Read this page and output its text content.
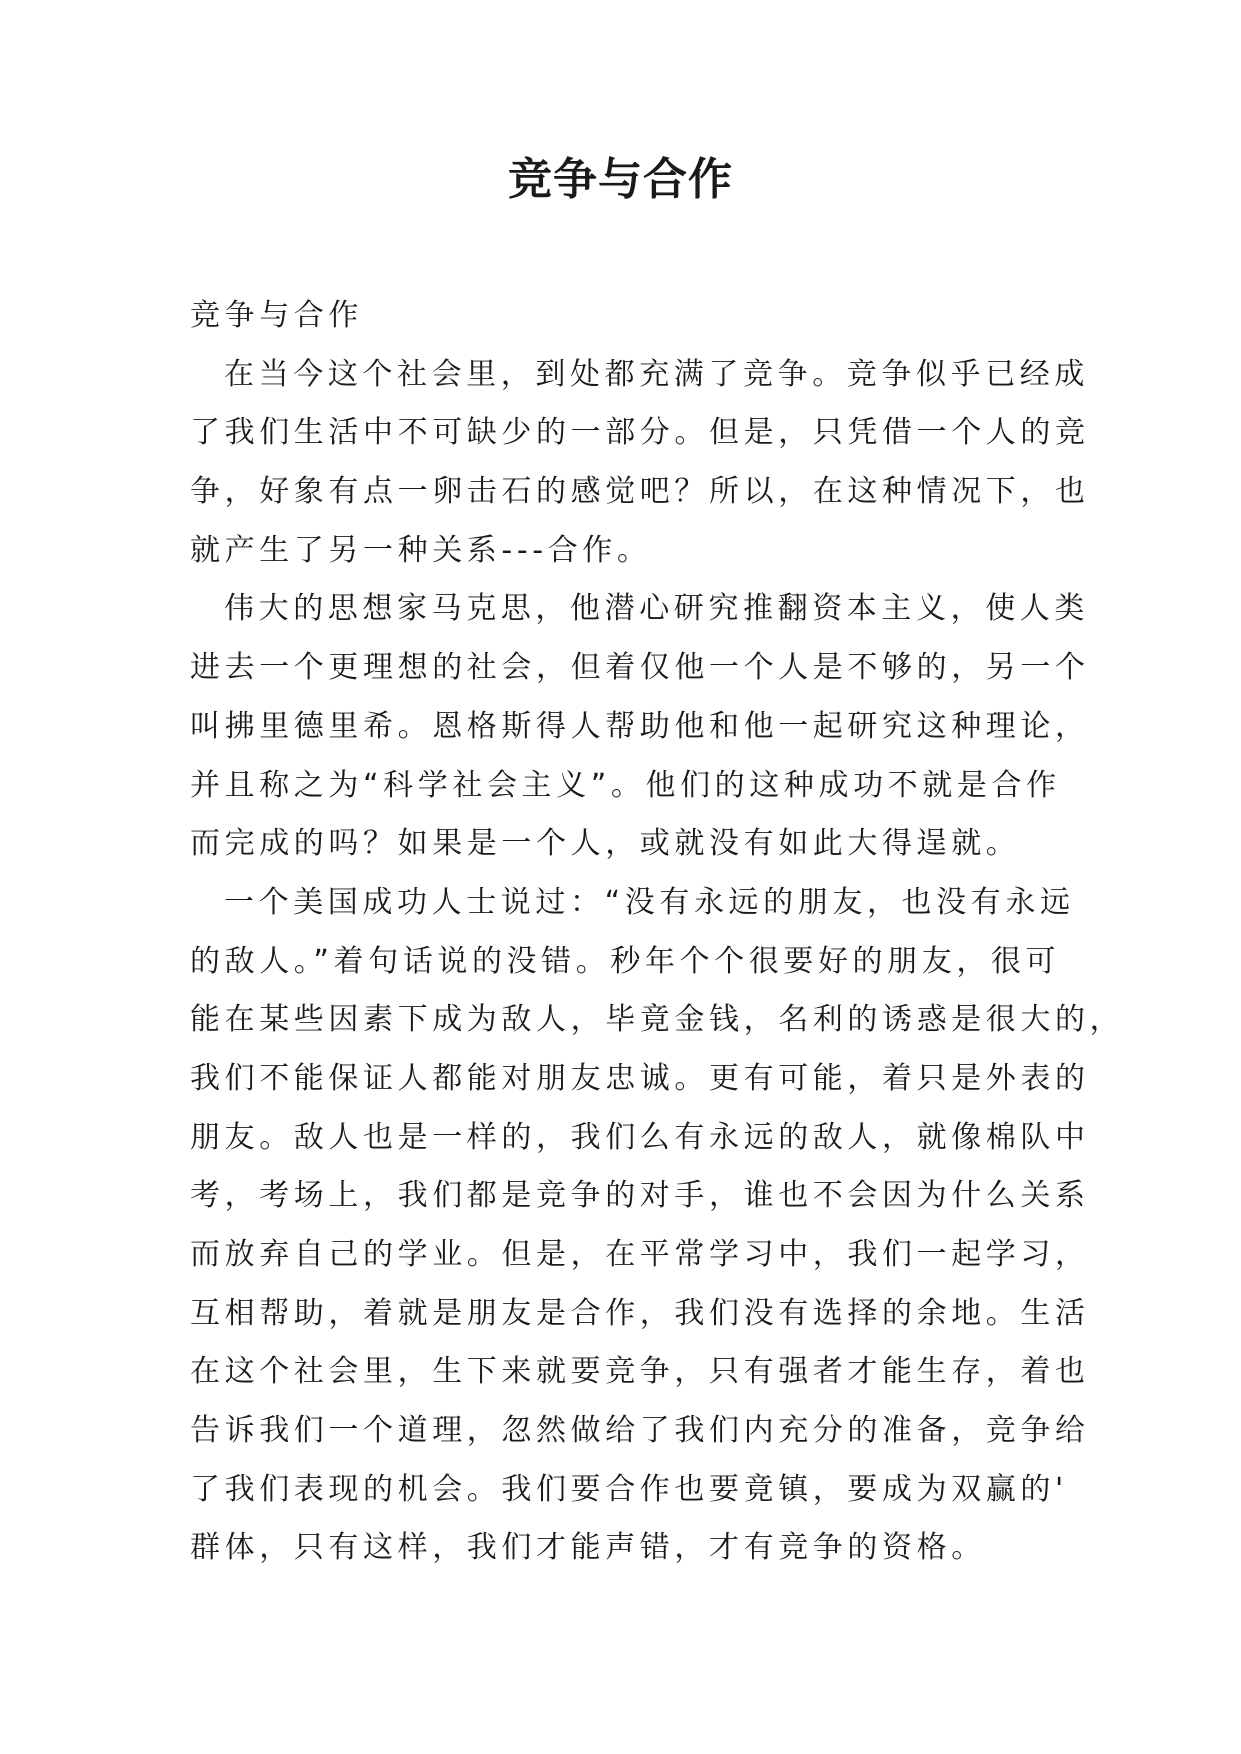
竞争与合作
竞争与合作
在当今这个社会里，到处都充满了竞争。竞争似乎已经成
了我们生活中不可缺少的一部分。但是，只凭借一个人的竞
争，好象有点一卵击石的感觉吧？所以，在这种情况下，也
就产生了另一种关系---合作。
伟大的思想家马克思，他潜心研究推翻资本主义，使人类
进去一个更理想的社会，但着仅他一个人是不够的，另一个
叫拂里德里希。恩格斯得人帮助他和他一起研究这种理论，
并且称之为“科学社会主义”。他们的这种成功不就是合作
而完成的吗？如果是一个人，或就没有如此大得逞就。
一个美国成功人士说过：“没有永远的朋友，也没有永远
的敌人。”着句话说的没错。秒年个个很要好的朋友，很可
能在某些因素下成为敌人，毕竟金钱，名利的诱惑是很大的，
我们不能保证人都能对朋友忠诚。更有可能，着只是外表的
朋友。敌人也是一样的，我们么有永远的敌人，就像棉队中
考，考场上，我们都是竞争的对手，谁也不会因为什么关系
而放弃自己的学业。但是，在平常学习中，我们一起学习，
互相帮助，着就是朋友是合作，我们没有选择的余地。生活
在这个社会里，生下来就要竞争，只有强者才能生存，着也
告诉我们一个道理，忽然做给了我们内充分的准备，竞争给
了我们表现的机会。我们要合作也要竟镇，要成为双赢的'
群体，只有这样，我们才能声错，才有竞争的资格。
